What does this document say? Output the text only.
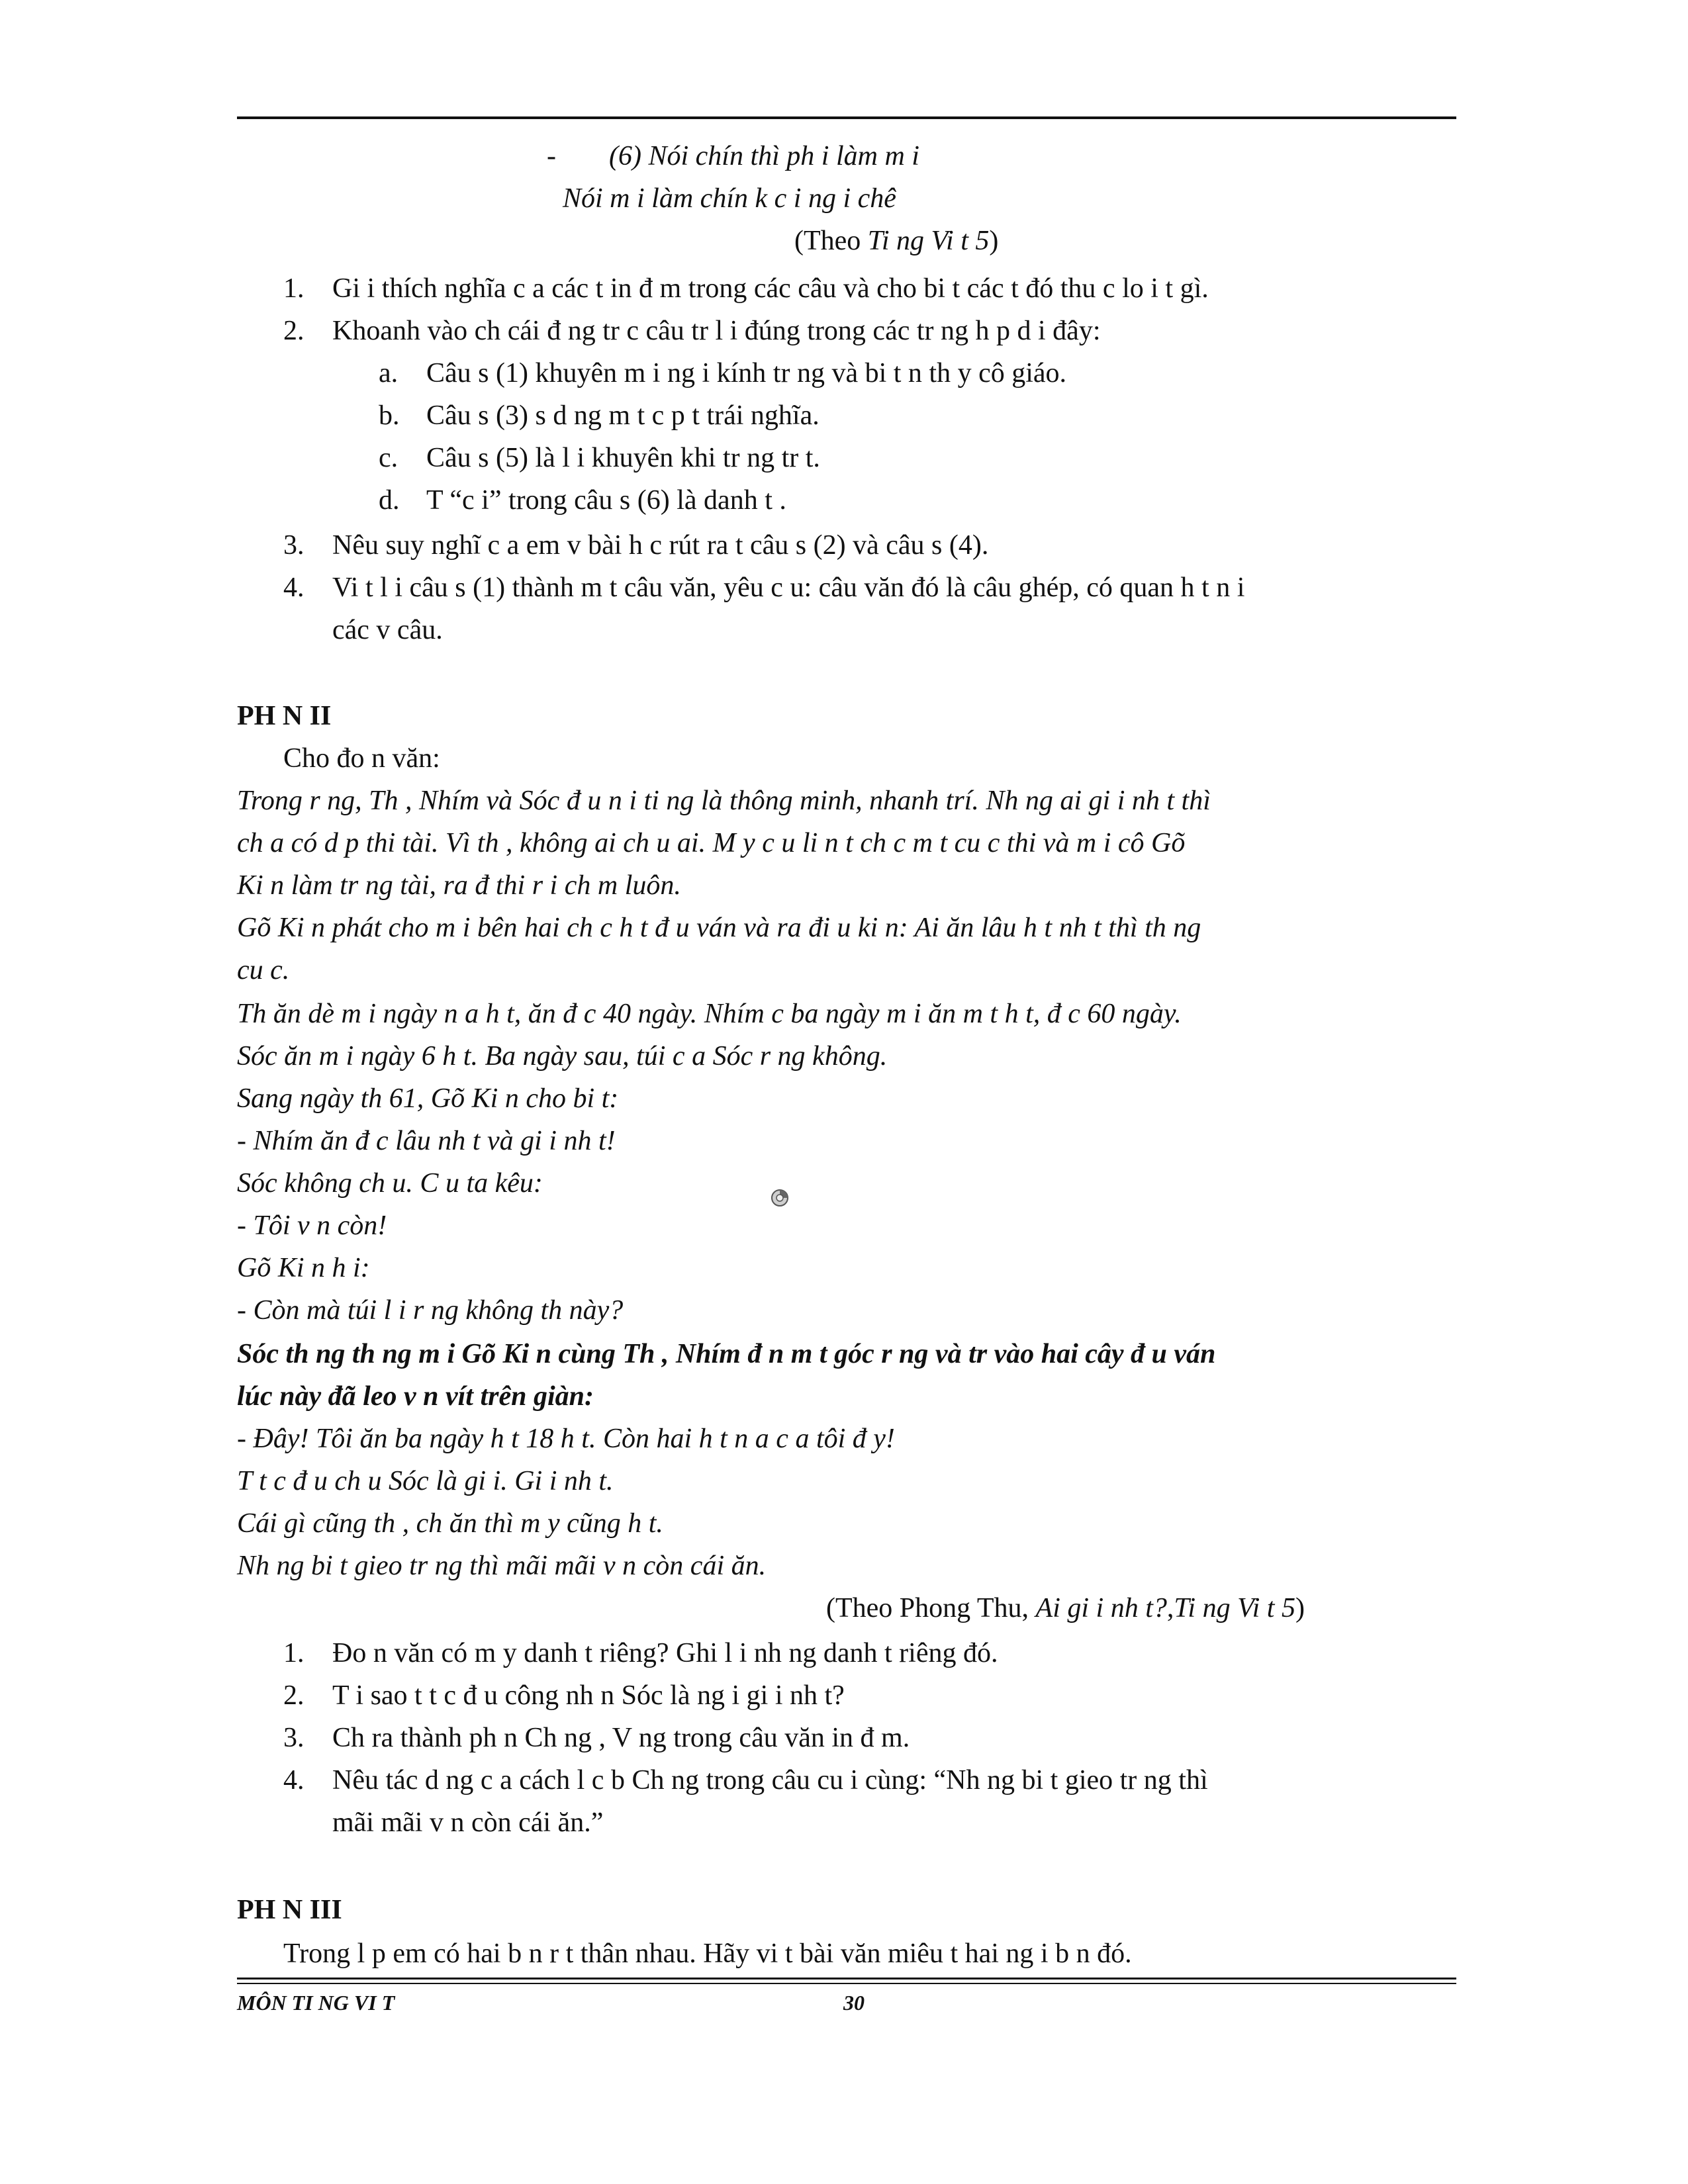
- (6) Nói chín thì ph i làm m i
Nói m i làm chín k c i ng i chê
(Theo Ti ng Vi t 5)
1. Gi i thích nghĩa c a các t in đ m trong các câu và cho bi t các t đó thu c lo i t gì.
2. Khoanh vào ch cái đ ng tr c câu tr l i đúng trong các tr ng h p d i đây:
a. Câu s (1) khuyên m i ng i kính tr ng và bi t n th y cô giáo.
b. Câu s (3) s d ng m t c p t trái nghĩa.
c. Câu s (5) là l i khuyên khi tr ng tr t.
d. T “c i” trong câu s (6) là danh t .
3. Nêu suy nghĩ c a em v bài h c rút ra t câu s (2) và câu s (4).
4. Vi t l i câu s (1) thành m t câu văn, yêu c u: câu văn đó là câu ghép, có quan h t n i
các v câu.
PH N II
Cho đo n văn:
Trong r ng, Th , Nhím và Sóc đ u n i ti ng là thông minh, nhanh trí. Nh ng ai gi i nh t thì
ch a có d p thi tài. Vì th , không ai ch u ai. M y c u li n t ch c m t cu c thi và m i cô Gõ
Ki n làm tr ng tài, ra đ thi r i ch m luôn.
Gõ Ki n phát cho m i bên hai ch c h t đ u ván và ra đi u ki n: Ai ăn lâu h t nh t thì th ng
cu c.
Th ăn dè m i ngày n a h t, ăn đ c 40 ngày. Nhím c ba ngày m i ăn m t h t, đ c 60 ngày.
Sóc ăn m i ngày 6 h t. Ba ngày sau, túi c a Sóc r ng không.
Sang ngày th 61, Gõ Ki n cho bi t:
- Nhím ăn đ c lâu nh t và gi i nh t!
Sóc không ch u. C u ta kêu:
- Tôi v n còn!
Gõ Ki n h i:
- Còn mà túi l i r ng không th này?
Sóc th ng th ng m i Gõ Ki n cùng Th , Nhím đ n m t góc r ng và tr vào hai cây đ u ván
lúc này đã leo v n vít trên giàn:
- Đây! Tôi ăn ba ngày h t 18 h t. Còn hai h t n a c a tôi đ y!
T t c đ u ch u Sóc là gi i. Gi i nh t.
Cái gì cũng th , ch ăn thì m y cũng h t.
Nh ng bi t gieo tr ng thì mãi mãi v n còn cái ăn.
(Theo Phong Thu, Ai gi i nh t?,Ti ng Vi t 5)
1. Đo n văn có m y danh t riêng? Ghi l i nh ng danh t riêng đó.
2. T i sao t t c đ u công nh n Sóc là ng i gi i nh t?
3. Ch ra thành ph n Ch ng , V ng trong câu văn in đ m.
4. Nêu tác d ng c a cách l c b Ch ng trong câu cu i cùng: “Nh ng bi t gieo tr ng thì
mãi mãi v n còn cái ăn.”
PH N III
Trong l p em có hai b n r t thân nhau. Hãy vi t bài văn miêu t hai ng i b n đó.
MÔN TI NG VI T	30
